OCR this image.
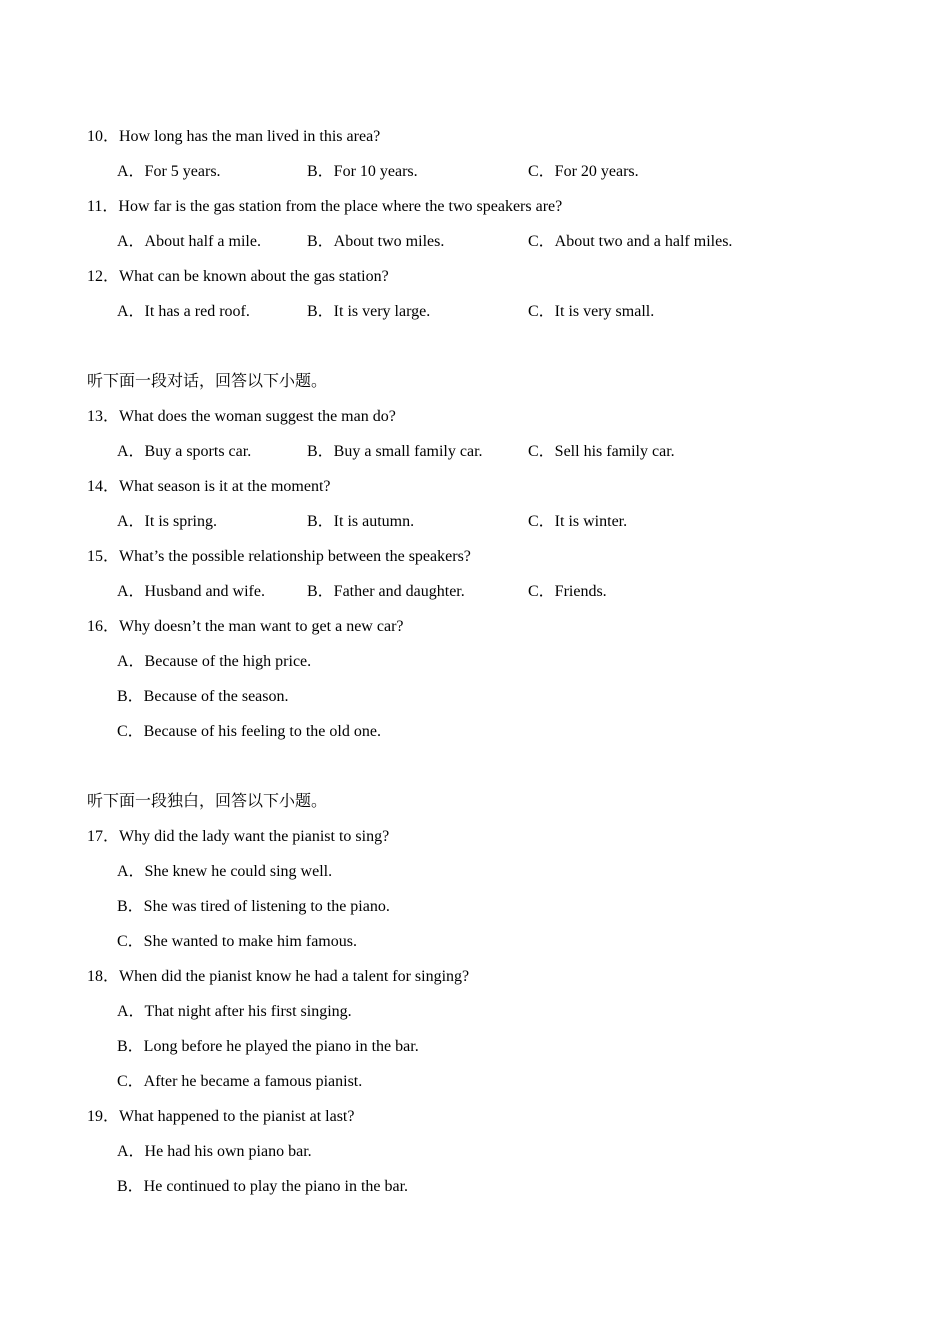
10．How long has the man lived in this area?
A．For 5 years.	B．For 10 years.	C．For 20 years.
11．How far is the gas station from the place where the two speakers are?
A．About half a mile.	B．About two miles.	C．About two and a half miles.
12．What can be known about the gas station?
A．It has a red roof.	B．It is very large.	C．It is very small.
听下面一段对话，回答以下小题。
13．What does the woman suggest the man do?
A．Buy a sports car.	B．Buy a small family car.	C．Sell his family car.
14．What season is it at the moment?
A．It is spring.	B．It is autumn.	C．It is winter.
15．What’s the possible relationship between the speakers?
A．Husband and wife.	B．Father and daughter.	C．Friends.
16．Why doesn’t the man want to get a new car?
A．Because of the high price.
B．Because of the season.
C．Because of his feeling to the old one.
听下面一段独白，回答以下小题。
17．Why did the lady want the pianist to sing?
A．She knew he could sing well.
B．She was tired of listening to the piano.
C．She wanted to make him famous.
18．When did the pianist know he had a talent for singing?
A．That night after his first singing.
B．Long before he played the piano in the bar.
C．After he became a famous pianist.
19．What happened to the pianist at last?
A．He had his own piano bar.
B．He continued to play the piano in the bar.
